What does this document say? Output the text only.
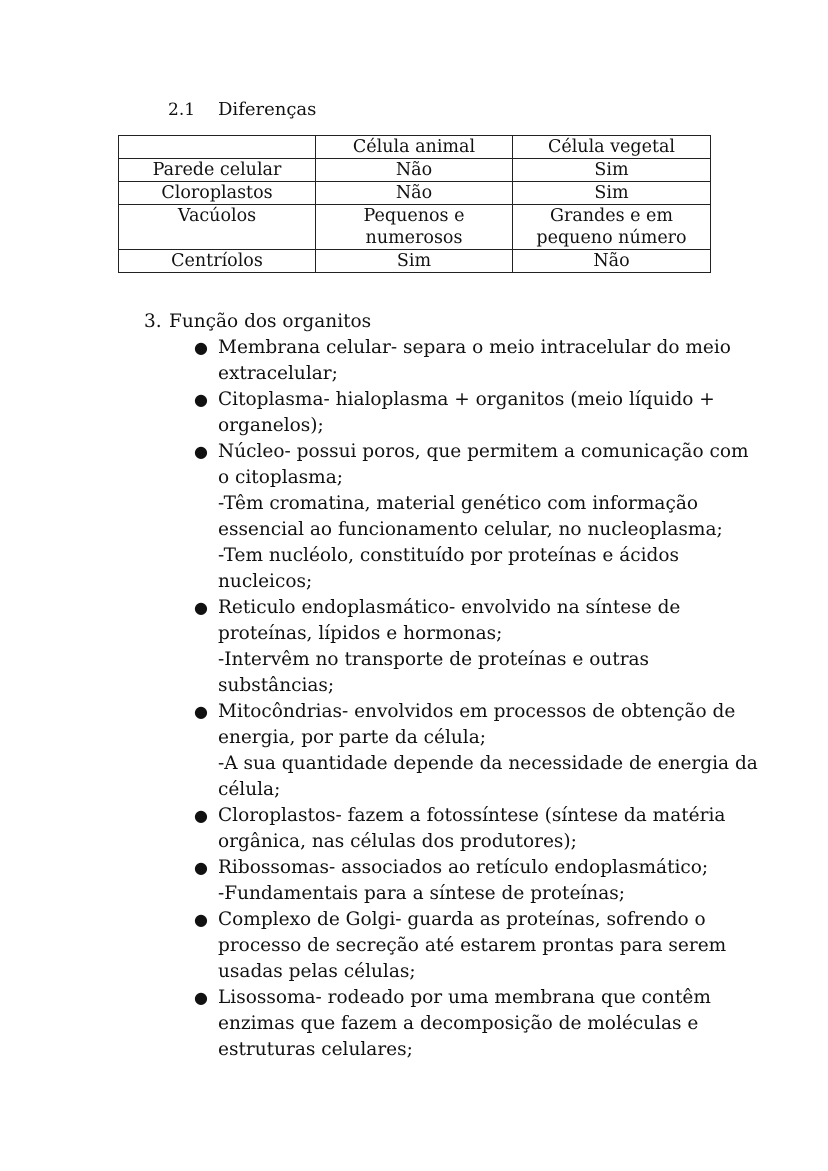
2.1 Diferenças
	Célula animal	Célula vegetal
Parede celular	Não	Sim
Cloroplastos	Não	Sim
Vacúolos	Pequenos e numerosos	Grandes e em pequeno número
Centríolos	Sim	Não
3. Função dos organitos
● Membrana celular- separa o meio intracelular do meio
extracelular;
● Citoplasma- hialoplasma + organitos (meio líquido +
organelos);
● Núcleo- possui poros, que permitem a comunicação com
o citoplasma;
-Têm cromatina, material genético com informação
essencial ao funcionamento celular, no nucleoplasma;
-Tem nucléolo, constituído por proteínas e ácidos
nucleicos;
● Reticulo endoplasmático- envolvido na síntese de
proteínas, lípidos e hormonas;
-Intervêm no transporte de proteínas e outras
substâncias;
● Mitocôndrias- envolvidos em processos de obtenção de
energia, por parte da célula;
-A sua quantidade depende da necessidade de energia da
célula;
● Cloroplastos- fazem a fotossíntese (síntese da matéria
orgânica, nas células dos produtores);
● Ribossomas- associados ao retículo endoplasmático;
-Fundamentais para a síntese de proteínas;
● Complexo de Golgi- guarda as proteínas, sofrendo o
processo de secreção até estarem prontas para serem
usadas pelas células;
● Lisossoma- rodeado por uma membrana que contêm
enzimas que fazem a decomposição de moléculas e
estruturas celulares;
